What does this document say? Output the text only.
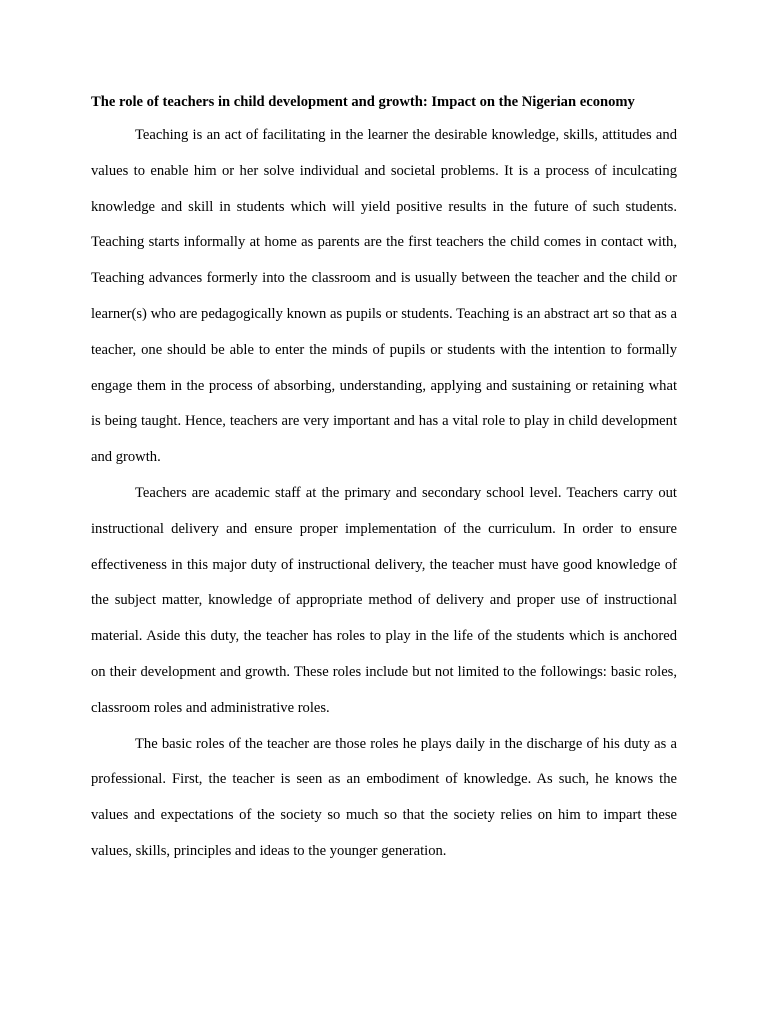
The role of teachers in child development and growth: Impact on the Nigerian economy

Teaching is an act of facilitating in the learner the desirable knowledge, skills, attitudes and values to enable him or her solve individual and societal problems. It is a process of inculcating knowledge and skill in students which will yield positive results in the future of such students. Teaching starts informally at home as parents are the first teachers the child comes in contact with, Teaching advances formerly into the classroom and is usually between the teacher and the child or learner(s) who are pedagogically known as pupils or students. Teaching is an abstract art so that as a teacher, one should be able to enter the minds of pupils or students with the intention to formally engage them in the process of absorbing, understanding, applying and sustaining or retaining what is being taught. Hence, teachers are very important and has a vital role to play in child development and growth.

Teachers are academic staff at the primary and secondary school level. Teachers carry out instructional delivery and ensure proper implementation of the curriculum. In order to ensure effectiveness in this major duty of instructional delivery, the teacher must have good knowledge of the subject matter, knowledge of appropriate method of delivery and proper use of instructional material. Aside this duty, the teacher has roles to play in the life of the students which is anchored on their development and growth. These roles include but not limited to the followings: basic roles, classroom roles and administrative roles.

The basic roles of the teacher are those roles he plays daily in the discharge of his duty as a professional. First, the teacher is seen as an embodiment of knowledge. As such, he knows the values and expectations of the society so much so that the society relies on him to impart these values, skills, principles and ideas to the younger generation.
